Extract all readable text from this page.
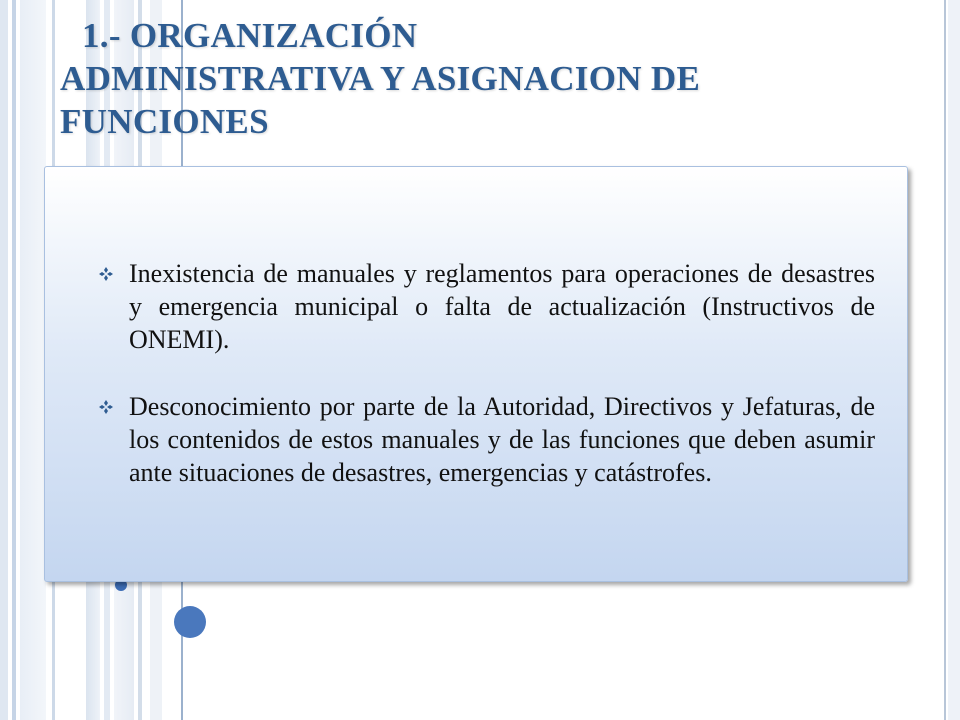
1.- ORGANIZACIÓN
ADMINISTRATIVA Y ASIGNACION DE
FUNCIONES
Inexistencia de manuales y reglamentos para operaciones de desastres y emergencia municipal o falta de actualización (Instructivos de ONEMI).
Desconocimiento por parte de la Autoridad, Directivos y Jefaturas, de los contenidos de estos manuales y de las funciones que deben asumir ante situaciones de desastres, emergencias y catástrofes.
